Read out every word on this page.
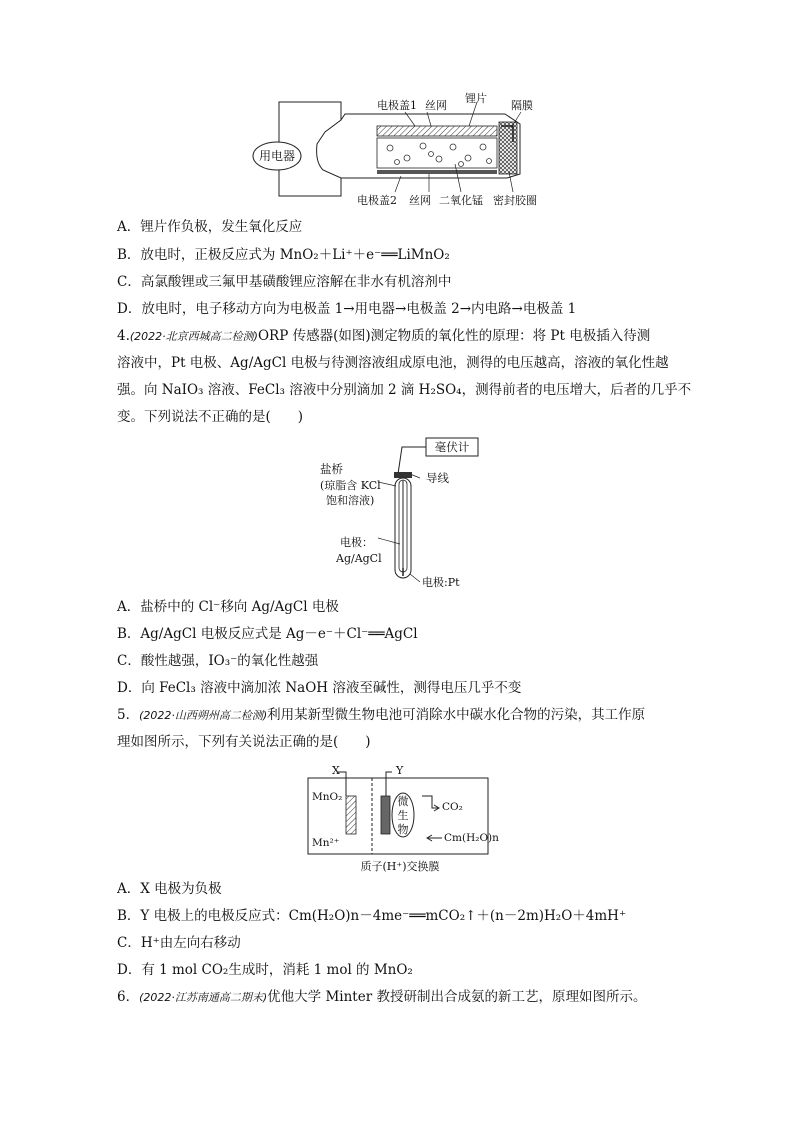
用电器
电极盖1 丝网
锂片
隔膜
电极盖2 丝网 二氧化锰 密封胶圈
A．锂片作负极，发生氧化反应
B．放电时，正极反应式为 MnO₂＋Li⁺＋e⁻══LiMnO₂
C．高氯酸锂或三氟甲基磺酸锂应溶解在非水有机溶剂中
D．放电时，电子移动方向为电极盖 1→用电器→电极盖 2→内电路→电极盖 1
4.(2022·北京西城高二检测)ORP 传感器(如图)测定物质的氧化性的原理：将 Pt 电极插入待测
溶液中，Pt 电极、Ag/AgCl 电极与待测溶液组成原电池，测得的电压越高，溶液的氧化性越
强。向 NaIO₃ 溶液、FeCl₃ 溶液中分别滴加 2 滴 H₂SO₄，测得前者的电压增大，后者的几乎不
变。下列说法不正确的是(　　)
毫伏计
导线
盐桥
(琼脂含 KCl
饱和溶液)
电极：
Ag/AgCl
电极:Pt
A．盐桥中的 Cl⁻移向 Ag/AgCl 电极
B．Ag/AgCl 电极反应式是 Ag－e⁻＋Cl⁻══AgCl
C．酸性越强，IO₃⁻的氧化性越强
D．向 FeCl₃ 溶液中滴加浓 NaOH 溶液至碱性，测得电压几乎不变
5．(2022·山西朔州高二检测)利用某新型微生物电池可消除水中碳水化合物的污染，其工作原
理如图所示，下列有关说法正确的是(　　)
X	Y
MnO₂
Mn²⁺
微
生
物
CO₂
Cm(H₂O)n
质子(H⁺)交换膜
A．X 电极为负极
B．Y 电极上的电极反应式：Cm(H₂O)n－4me⁻══mCO₂↑＋(n－2m)H₂O＋4mH⁺
C．H⁺由左向右移动
D．有 1 mol CO₂生成时，消耗 1 mol 的 MnO₂
6．(2022·江苏南通高二期末)优他大学 Minter 教授研制出合成氨的新工艺，原理如图所示。
